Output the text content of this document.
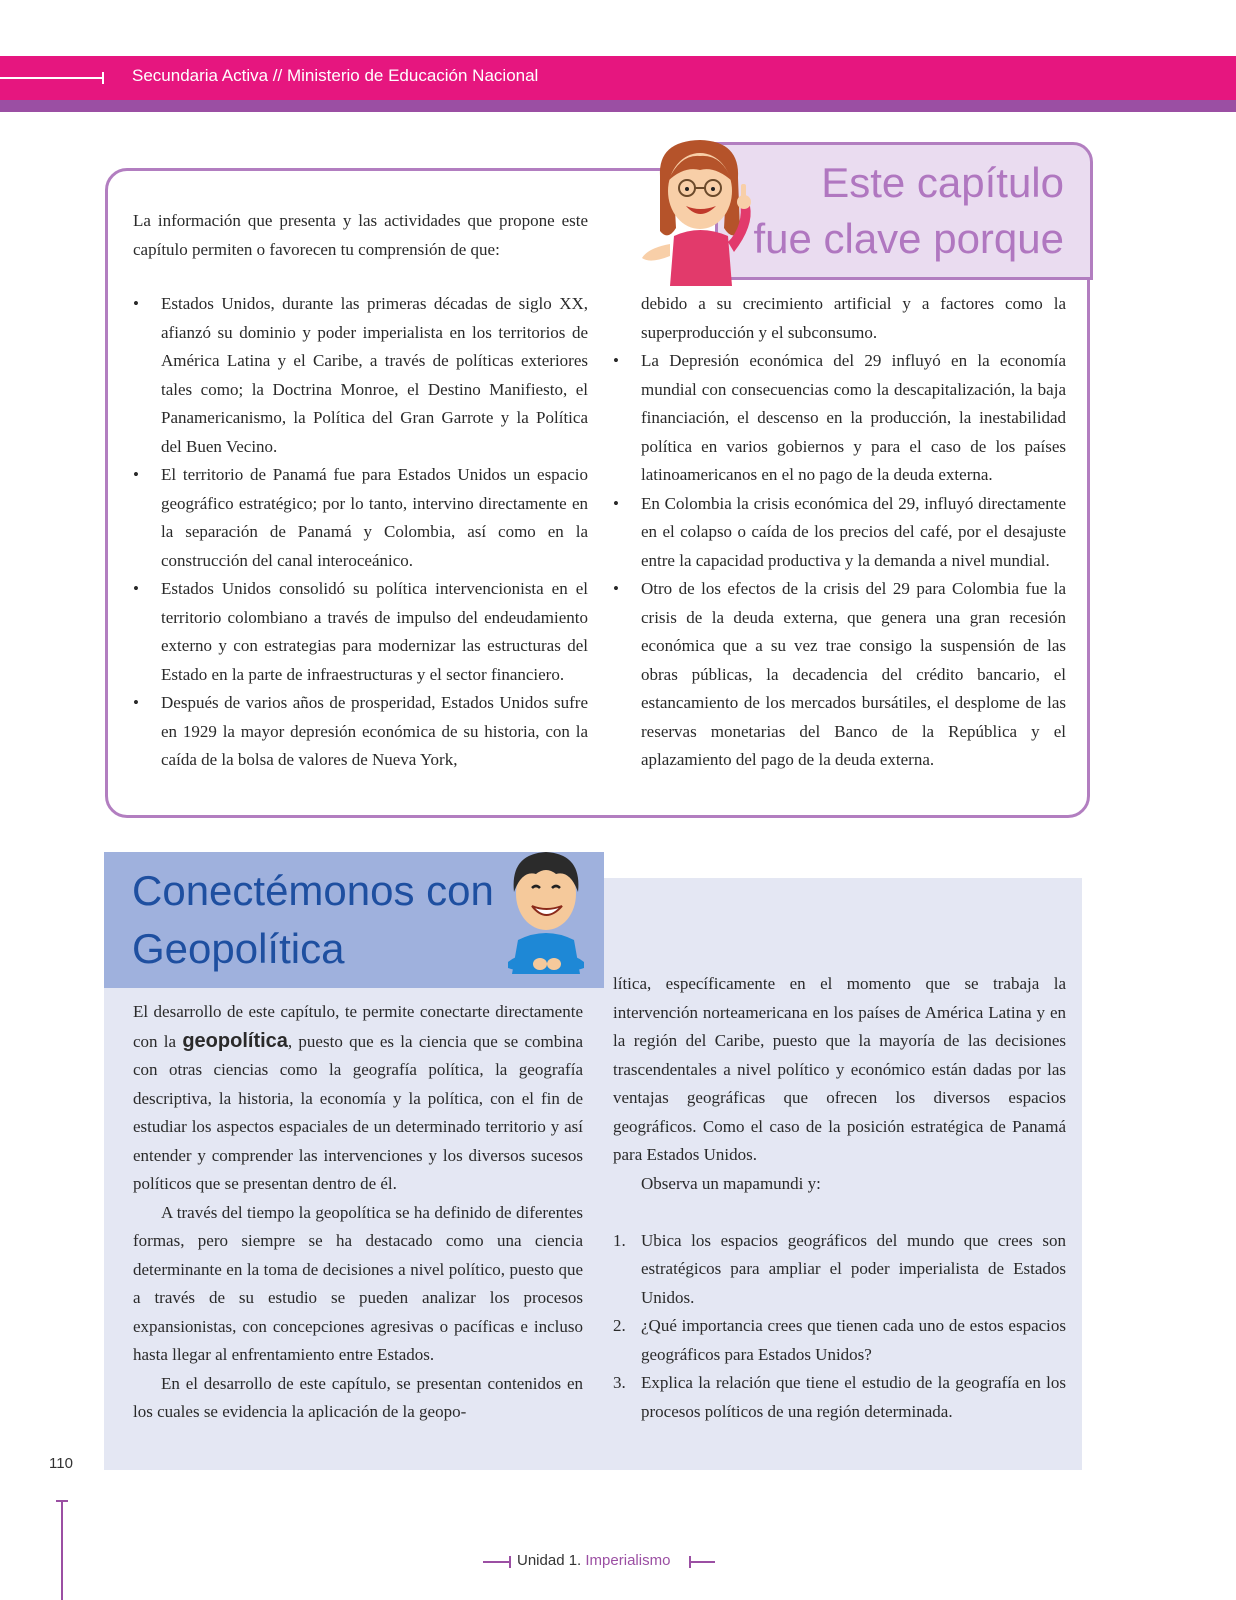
Secundaria Activa // Ministerio de Educación Nacional
Este capítulo
fue clave porque
La información que presenta y las actividades que propone este capítulo permiten o favorecen tu comprensión de que:
• Estados Unidos, durante las primeras décadas de siglo XX, afianzó su dominio y poder imperialista en los territorios de América Latina y el Caribe, a través de políticas exteriores tales como; la Doctrina Monroe, el Destino Manifiesto, el Panamericanismo, la Política del Gran Garrote y la Política del Buen Vecino.
• El territorio de Panamá fue para Estados Unidos un espacio geográfico estratégico; por lo tanto, intervino directamente en la separación de Panamá y Colombia, así como en la construcción del canal interoceánico.
• Estados Unidos consolidó su política intervencionista en el territorio colombiano a través de impulso del endeudamiento externo y con estrategias para modernizar las estructuras del Estado en la parte de infraestructuras y el sector financiero.
• Después de varios años de prosperidad, Estados Unidos sufre en 1929 la mayor depresión económica de su historia, con la caída de la bolsa de valores de Nueva York,
debido a su crecimiento artificial y a factores como la superproducción y el subconsumo.
• La Depresión económica del 29 influyó en la economía mundial con consecuencias como la descapitalización, la baja financiación, el descenso en la producción, la inestabilidad política en varios gobiernos y para el caso de los países latinoamericanos en el no pago de la deuda externa.
• En Colombia la crisis económica del 29, influyó directamente en el colapso o caída de los precios del café, por el desajuste entre la capacidad productiva y la demanda a nivel mundial.
• Otro de los efectos de la crisis del 29 para Colombia fue la crisis de la deuda externa, que genera una gran recesión económica que a su vez trae consigo la suspensión de las obras públicas, la decadencia del crédito bancario, el estancamiento de los mercados bursátiles, el desplome de las reservas monetarias del Banco de la República y el aplazamiento del pago de la deuda externa.
Conectémonos con
Geopolítica

El desarrollo de este capítulo, te permite conectarte directamente con la geopolítica, puesto que es la ciencia que se combina con otras ciencias como la geografía política, la geografía descriptiva, la historia, la economía y la política, con el fin de estudiar los aspectos espaciales de un determinado territorio y así entender y comprender las intervenciones y los diversos sucesos políticos que se presentan dentro de él.

A través del tiempo la geopolítica se ha definido de diferentes formas, pero siempre se ha destacado como una ciencia determinante en la toma de decisiones a nivel político, puesto que a través de su estudio se pueden analizar los procesos expansionistas, con concepciones agresivas o pacíficas e incluso hasta llegar al enfrentamiento entre Estados.

En el desarrollo de este capítulo, se presentan contenidos en los cuales se evidencia la aplicación de la geopo-

lítica, específicamente en el momento que se trabaja la intervención norteamericana en los países de América Latina y en la región del Caribe, puesto que la mayoría de las decisiones trascendentales a nivel político y económico están dadas por las ventajas geográficas que ofrecen los diversos espacios geográficos. Como el caso de la posición estratégica de Panamá para Estados Unidos.

Observa un mapamundi y:

1. Ubica los espacios geográficos del mundo que crees son estratégicos para ampliar el poder imperialista de Estados Unidos.
2. ¿Qué importancia crees que tienen cada uno de estos espacios geográficos para Estados Unidos?
3. Explica la relación que tiene el estudio de la geografía en los procesos políticos de una región determinada.
110
Unidad 1. Imperialismo
